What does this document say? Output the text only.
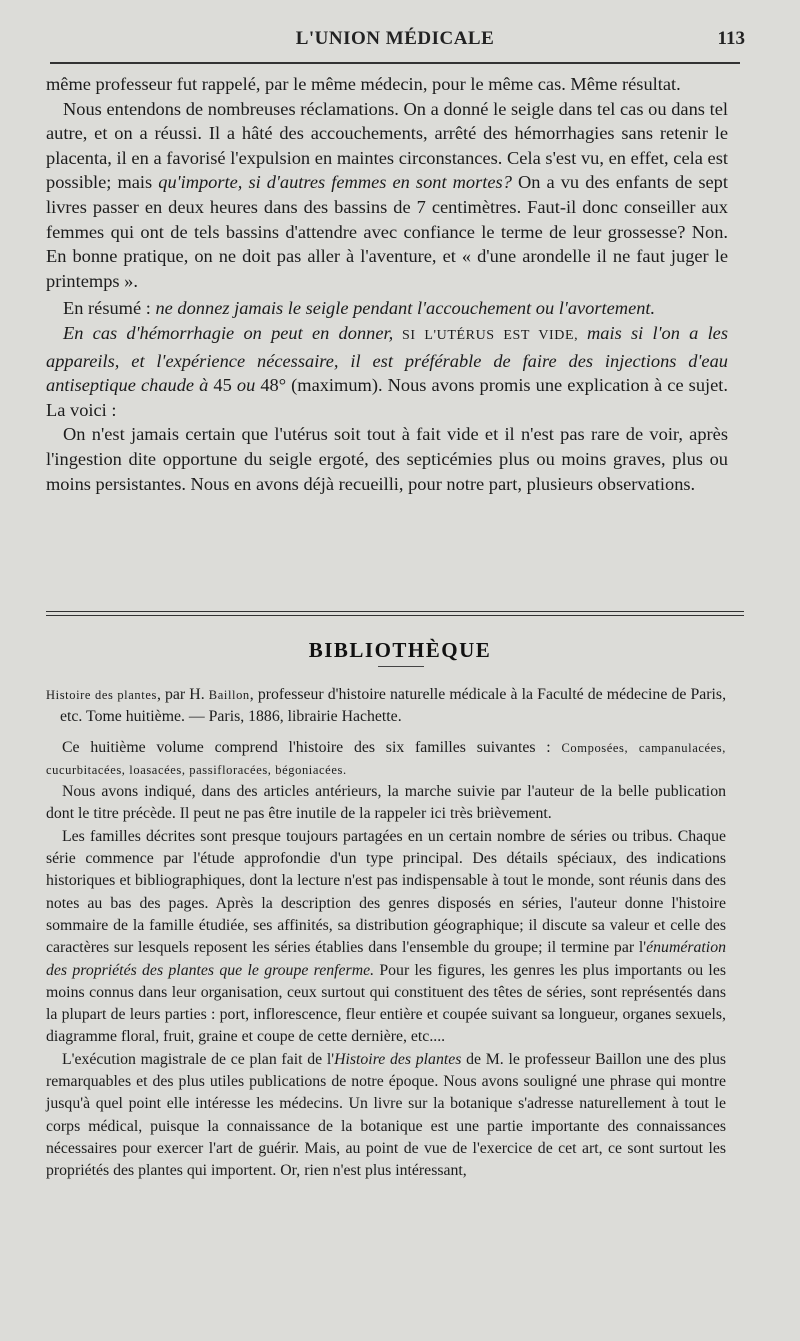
L'UNION MÉDICALE	113

même professeur fut rappelé, par le même médecin, pour le même cas. Même résultat.

Nous entendons de nombreuses réclamations. On a donné le seigle dans tel cas ou dans tel autre, et on a réussi. Il a hâté des accouchements, arrêté des hémorrhagies sans retenir le placenta, il en a favorisé l'expulsion en maintes circonstances. Cela s'est vu, en effet, cela est possible; mais qu'importe, si d'autres femmes en sont mortes? On a vu des enfants de sept livres passer en deux heures dans des bassins de 7 centimètres. Faut-il donc conseiller aux femmes qui ont de tels bassins d'attendre avec confiance le terme de leur grossesse? Non. En bonne pratique, on ne doit pas aller à l'aventure, et « d'une arondelle il ne faut juger le printemps ».

En résumé : ne donnez jamais le seigle pendant l'accouchement ou l'avortement.

En cas d'hémorrhagie on peut en donner, SI L'UTÉRUS EST VIDE, mais si l'on a les appareils, et l'expérience nécessaire, il est préférable de faire des injections d'eau antiseptique chaude à 45 ou 48° (maximum). Nous avons promis une explication à ce sujet. La voici :

On n'est jamais certain que l'utérus soit tout à fait vide et il n'est pas rare de voir, après l'ingestion dite opportune du seigle ergoté, des septicémies plus ou moins graves, plus ou moins persistantes. Nous en avons déjà recueilli, pour notre part, plusieurs observations.

BIBLIOTHÈQUE

Histoire des plantes, par H. Baillon, professeur d'histoire naturelle médicale à la Faculté de médecine de Paris, etc. Tome huitième. — Paris, 1886, librairie Hachette.

Ce huitième volume comprend l'histoire des six familles suivantes : Composées, campanulacées, cucurbitacées, loasacées, passifloracées, bégoniacées.

Nous avons indiqué, dans des articles antérieurs, la marche suivie par l'auteur de la belle publication dont le titre précède. Il peut ne pas être inutile de la rappeler ici très brièvement.

Les familles décrites sont presque toujours partagées en un certain nombre de séries ou tribus. Chaque série commence par l'étude approfondie d'un type principal. Des détails spéciaux, des indications historiques et bibliographiques, dont la lecture n'est pas indispensable à tout le monde, sont réunis dans des notes au bas des pages. Après la description des genres disposés en séries, l'auteur donne l'histoire sommaire de la famille étudiée, ses affinités, sa distribution géographique; il discute sa valeur et celle des caractères sur lesquels reposent les séries établies dans l'ensemble du groupe; il termine par l'énumération des propriétés des plantes que le groupe renferme. Pour les figures, les genres les plus importants ou les moins connus dans leur organisation, ceux surtout qui constituent des têtes de séries, sont représentés dans la plupart de leurs parties : port, inflorescence, fleur entière et coupée suivant sa longueur, organes sexuels, diagramme floral, fruit, graine et coupe de cette dernière, etc....

L'exécution magistrale de ce plan fait de l'Histoire des plantes de M. le professeur Baillon une des plus remarquables et des plus utiles publications de notre époque. Nous avons souligné une phrase qui montre jusqu'à quel point elle intéresse les médecins. Un livre sur la botanique s'adresse naturellement à tout le corps médical, puisque la connaissance de la botanique est une partie importante des connaissances nécessaires pour exercer l'art de guérir. Mais, au point de vue de l'exercice de cet art, ce sont surtout les propriétés des plantes qui importent. Or, rien n'est plus intéressant,
